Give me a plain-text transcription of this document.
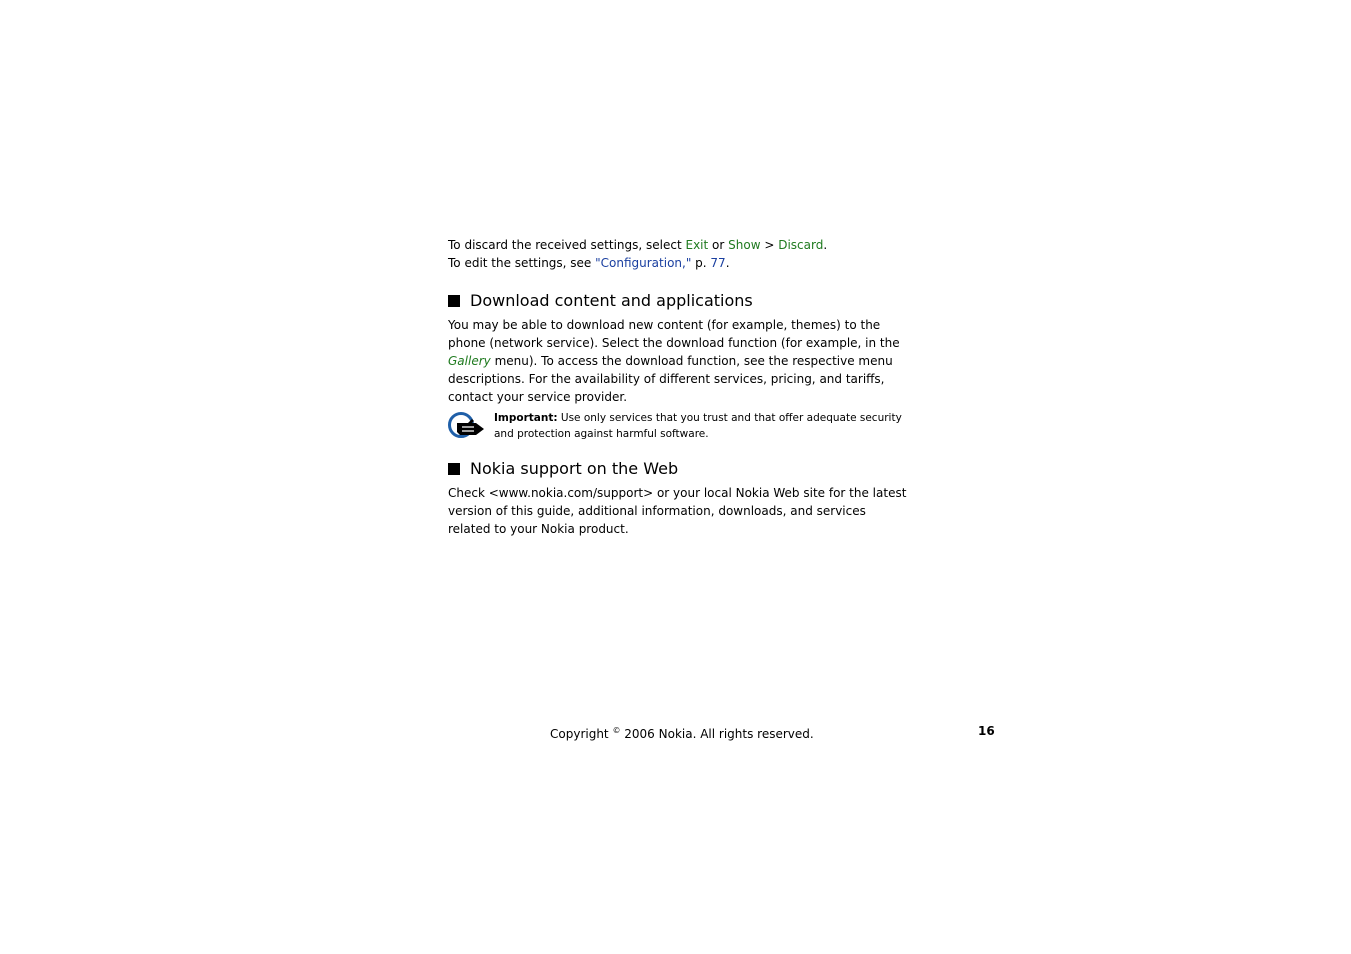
To discard the received settings, select Exit or Show > Discard.

To edit the settings, see "Configuration," p. 77.

Download content and applications

You may be able to download new content (for example, themes) to the phone (network service). Select the download function (for example, in the Gallery menu). To access the download function, see the respective menu descriptions. For the availability of different services, pricing, and tariffs, contact your service provider.

Important: Use only services that you trust and that offer adequate security and protection against harmful software.
Nokia support on the Web

Check <www.nokia.com/support> or your local Nokia Web site for the latest version of this guide, additional information, downloads, and services related to your Nokia product.

Copyright © 2006 Nokia. All rights reserved.	16
